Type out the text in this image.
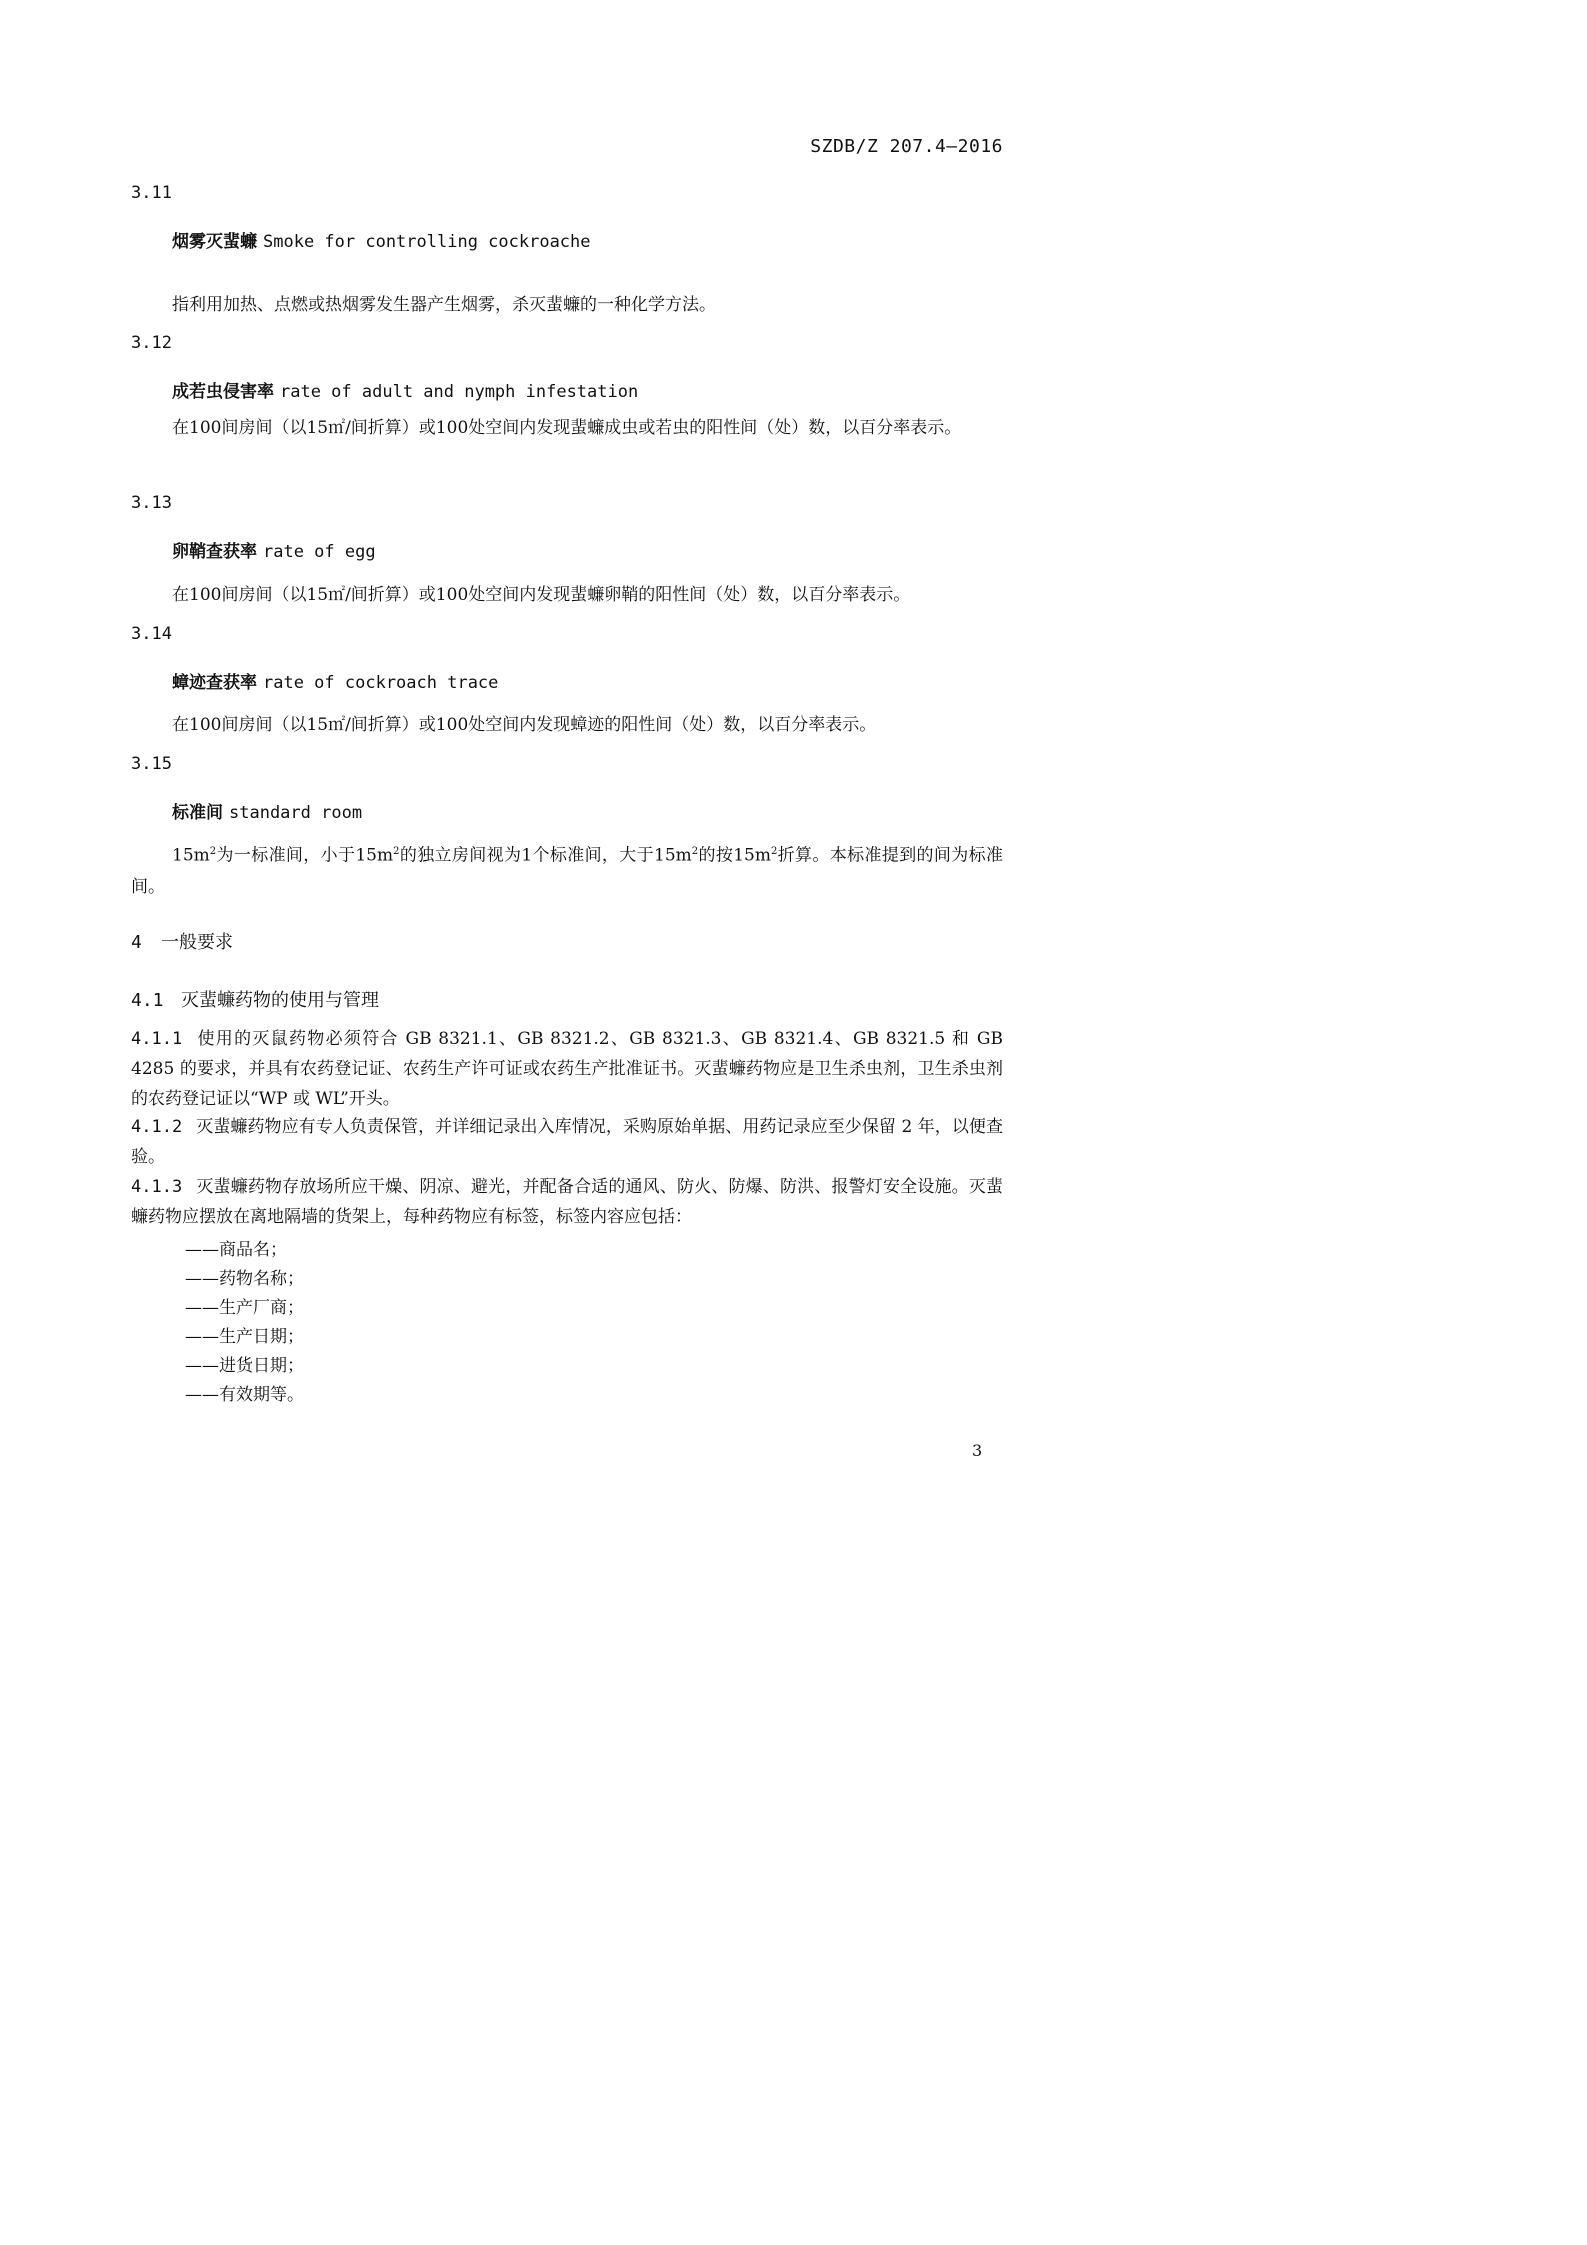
SZDB/Z 207.4—2016
3.11
烟雾灭蜚蠊 Smoke for controlling cockroache
指利用加热、点燃或热烟雾发生器产生烟雾，杀灭蜚蠊的一种化学方法。
3.12
成若虫侵害率 rate of adult and nymph infestation
在100间房间（以15㎡/间折算）或100处空间内发现蜚蠊成虫或若虫的阳性间（处）数，以百分率表示。
3.13
卵鞘查获率 rate of egg
在100间房间（以15㎡/间折算）或100处空间内发现蜚蠊卵鞘的阳性间（处）数，以百分率表示。
3.14
蟑迹查获率 rate of cockroach trace
在100间房间（以15㎡/间折算）或100处空间内发现蟑迹的阳性间（处）数，以百分率表示。
3.15
标准间 standard room
$15m^2$为一标准间，小于$15m^2$的独立房间视为1个标准间，大于$15m^2$的按$15m^2$折算。本标准提到的间为标准间。
4 一般要求
4.1 灭蜚蠊药物的使用与管理
4.1.1 使用的灭鼠药物必须符合 GB 8321.1、GB 8321.2、GB 8321.3、GB 8321.4、GB 8321.5 和 GB 4285 的要求，并具有农药登记证、农药生产许可证或农药生产批准证书。灭蜚蠊药物应是卫生杀虫剂，卫生杀虫剂的农药登记证以“WP 或 WL”开头。
4.1.2 灭蜚蠊药物应有专人负责保管，并详细记录出入库情况，采购原始单据、用药记录应至少保留 2 年，以便查验。
4.1.3 灭蜚蠊药物存放场所应干燥、阴凉、避光，并配备合适的通风、防火、防爆、防洪、报警灯安全设施。灭蜚蠊药物应摆放在离地隔墙的货架上，每种药物应有标签，标签内容应包括：
——商品名；
——药物名称；
——生产厂商；
——生产日期；
——进货日期；
——有效期等。
3
